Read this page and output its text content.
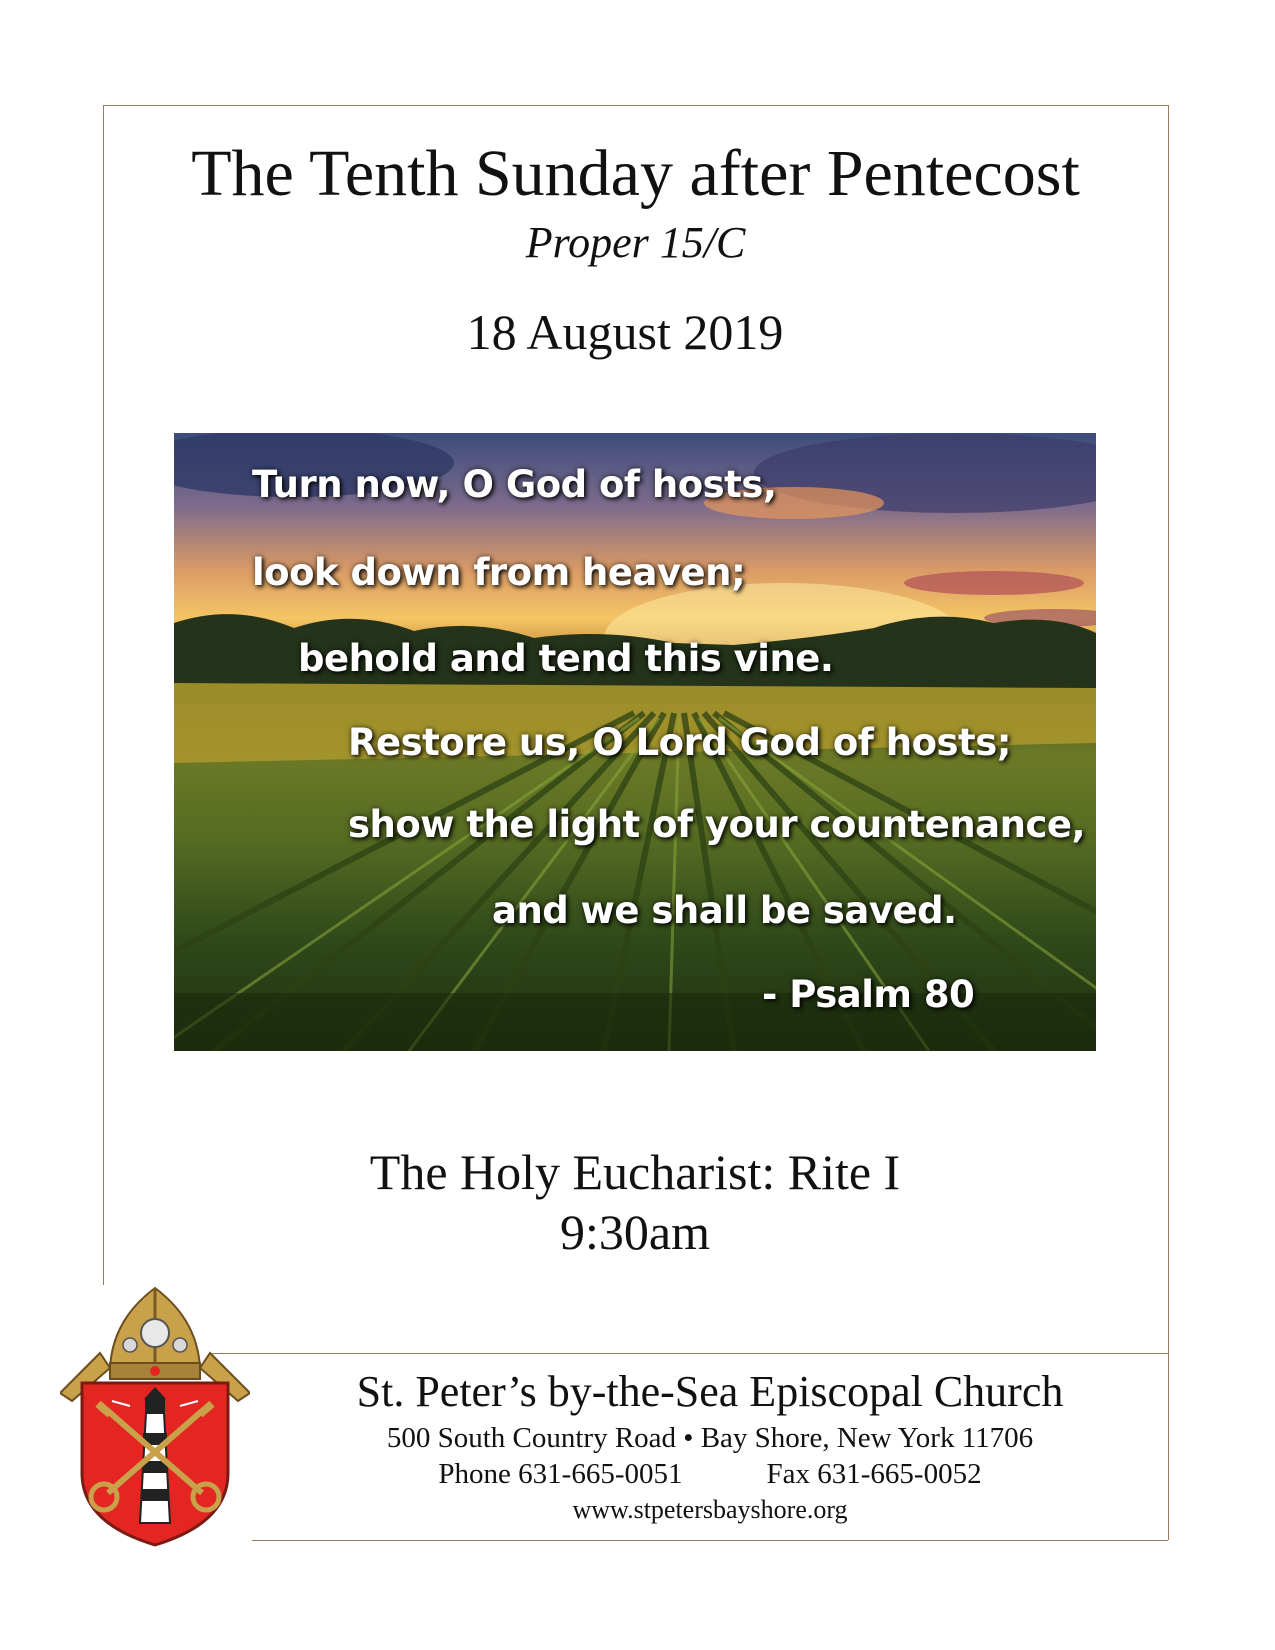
The Tenth Sunday after Pentecost
Proper 15/C
18 August 2019
Turn now, O God of hosts,
look down from heaven;
behold and tend this vine.
Restore us, O Lord God of hosts;
show the light of your countenance,
and we shall be saved.
- Psalm 80
The Holy Eucharist: Rite I
9:30am
St. Peter’s by-the-Sea Episcopal Church
500 South Country Road • Bay Shore, New York 11706
Phone 631-665-0051	Fax 631-665-0052
www.stpetersbayshore.org
